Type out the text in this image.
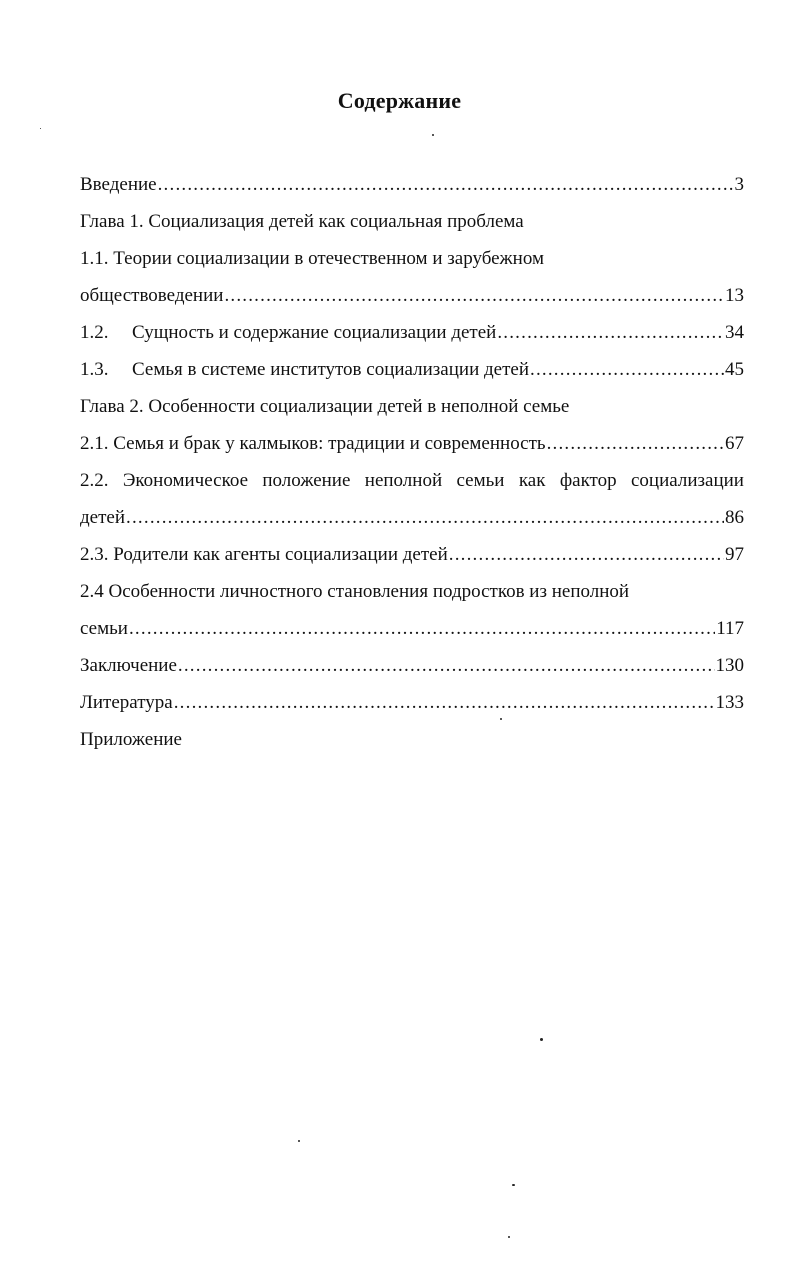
Содержание
Введение .....	3
Глава 1. Социализация детей как социальная проблема
1.1. Теории социализации в отечественном и зарубежном
обществоведении .....	13
1.2. Сущность и содержание социализации детей .....	34
1.3. Семья в системе институтов социализации детей .....	45
Глава 2. Особенности социализации детей в неполной семье
2.1. Семья и брак у калмыков: традиции и современность .....	67
2.2. Экономическое положение неполной семьи как фактор социализации
детей .....	86
2.3. Родители как агенты социализации детей .....	97
2.4 Особенности личностного становления подростков из неполной
семьи .....	117
Заключение .....	130
Литература .....	133
Приложение
